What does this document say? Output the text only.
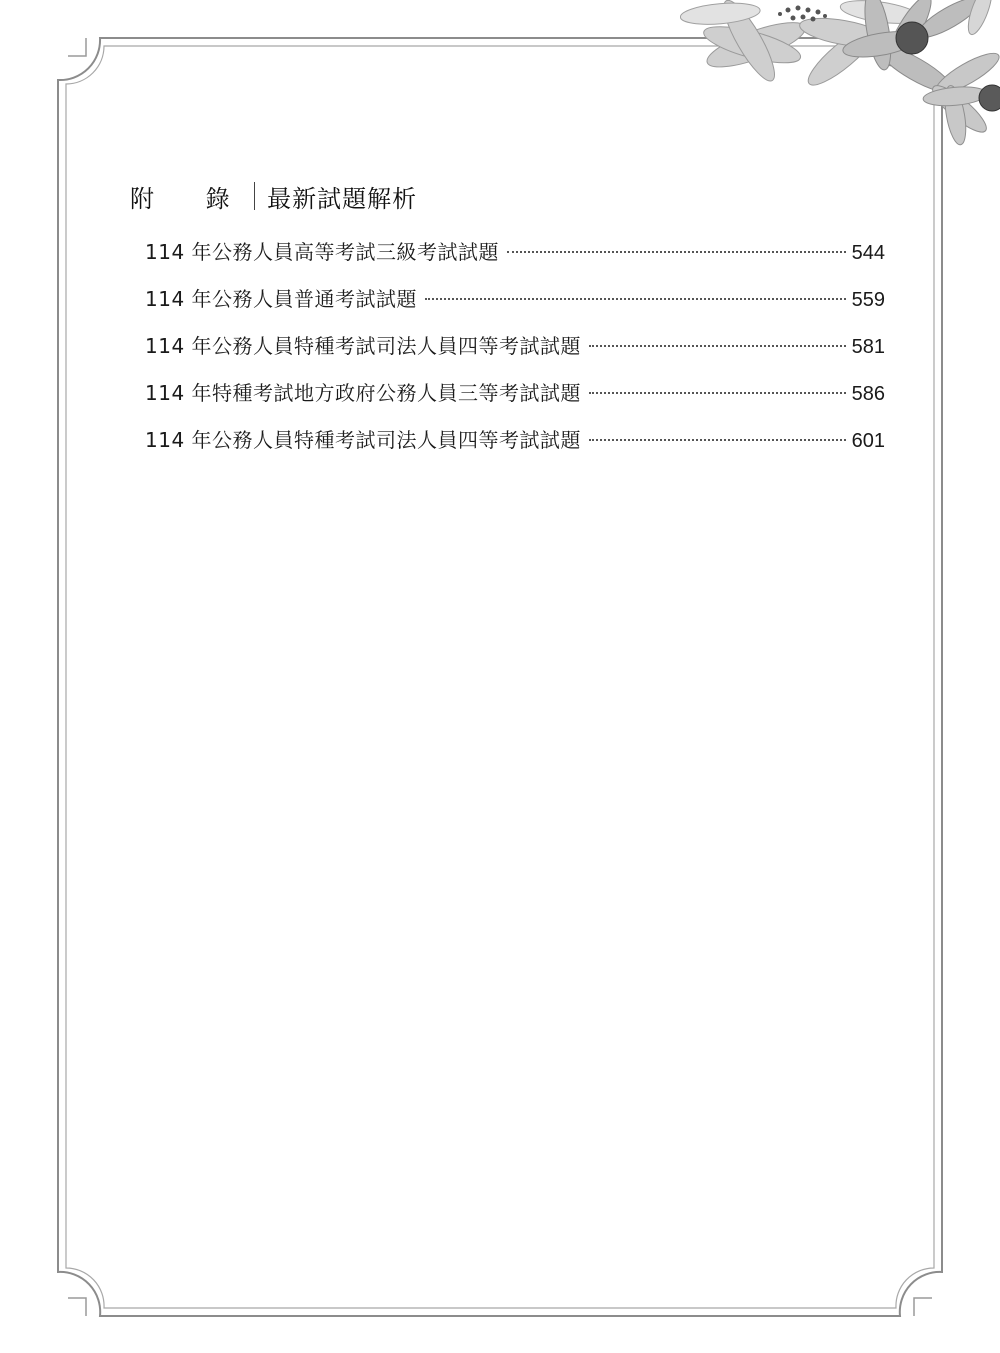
附 錄 最新試題解析
114 年公務人員高等考試三級考試試題	544
114 年公務人員普通考試試題	559
114 年公務人員特種考試司法人員四等考試試題	581
114 年特種考試地方政府公務人員三等考試試題	586
114 年公務人員特種考試司法人員四等考試試題	601
